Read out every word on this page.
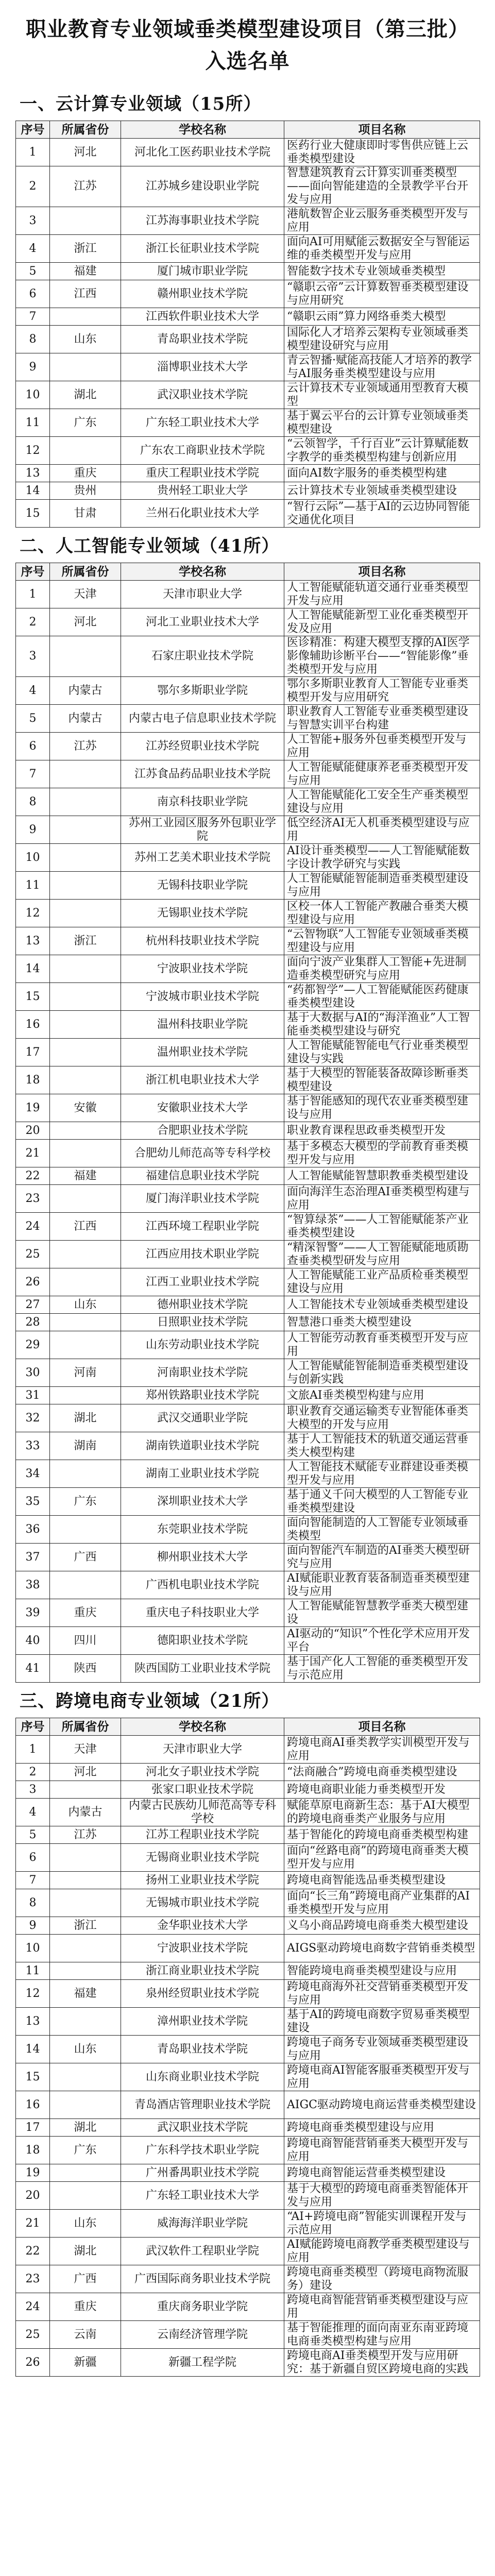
职业教育专业领域垂类模型建设项目（第三批）
入选名单
一、云计算专业领域（15所）
序号	所属省份	学校名称	项目名称
1	河北	河北化工医药职业技术学院	医药行业大健康即时零售供应链上云垂类模型建设
2	江苏	江苏城乡建设职业学院	智慧建筑教育云计算实训垂类模型——面向智能建造的全景教学平台开发与应用
3		江苏海事职业技术学院	港航数智企业云服务垂类模型开发与应用
4	浙江	浙江长征职业技术学院	面向AI可用赋能云数据安全与智能运维的垂类模型开发与应用
5	福建	厦门城市职业学院	智能数字技术专业领域垂类模型
6	江西	赣州职业技术学院	“赣职云帝”云计算数智垂类模型建设与应用研究
7		江西软件职业技术大学	“赣职云雨”算力网络垂类大模型
8	山东	青岛职业技术学院	国际化人才培养云架构专业领域垂类模型建设研究与应用
9		淄博职业技术大学	青云智播·赋能高技能人才培养的教学与AI服务垂类模型建设与应用
10	湖北	武汉职业技术学院	云计算技术专业领域通用型教育大模型
11	广东	广东轻工职业技术大学	基于翼云平台的云计算专业领域垂类模型建设
12		广东农工商职业技术学院	“云领智学，千行百业”云计算赋能数字教学的垂类模型构建与创新应用
13	重庆	重庆工程职业技术学院	面向AI数字服务的垂类模型构建
14	贵州	贵州轻工职业大学	云计算技术专业领域垂类模型建设
15	甘肃	兰州石化职业技术大学	“智行云际”—基于AI的云边协同智能交通优化项目
二、人工智能专业领域（41所）
序号	所属省份	学校名称	项目名称
1	天津	天津市职业大学	人工智能赋能轨道交通行业垂类模型开发与应用
2	河北	河北工业职业技术大学	人工智能赋能新型工业化垂类模型开发及应用
3		石家庄职业技术学院	医诊精准：构建大模型支撑的AI医学影像辅助诊断平台——“智能影像”垂类模型开发与应用
4	内蒙古	鄂尔多斯职业学院	鄂尔多斯职业教育人工智能专业垂类模型开发与应用研究
5	内蒙古	内蒙古电子信息职业技术学院	职业教育人工智能专业垂类模型建设与智慧实训平台构建
6	江苏	江苏经贸职业技术学院	人工智能+服务外包垂类模型开发与应用
7		江苏食品药品职业技术学院	人工智能赋能健康养老垂类模型开发与应用
8		南京科技职业学院	人工智能赋能化工安全生产垂类模型建设与应用
9		苏州工业园区服务外包职业学院	低空经济AI无人机垂类模型建设与应用
10		苏州工艺美术职业技术学院	AI设计垂类模型——人工智能赋能数字设计教学研究与实践
11		无锡科技职业学院	人工智能赋能智能制造垂类模型建设与应用
12		无锡职业技术学院	区校一体人工智能产教融合垂类大模型建设与应用
13	浙江	杭州科技职业技术学院	“云智物联”人工智能专业领域垂类模型建设与应用
14		宁波职业技术学院	面向宁波产业集群人工智能+先进制造垂类模型研究与应用
15		宁波城市职业技术学院	“药都智学”—人工智能赋能医药健康垂类模型建设
16		温州科技职业学院	基于大数据与AI的“海洋渔业”人工智能垂类模型建设与研究
17		温州职业技术学院	人工智能赋能智能电气行业垂类模型建设与实践
18		浙江机电职业技术大学	基于大模型的智能装备故障诊断垂类模型建设
19	安徽	安徽职业技术大学	基于智能感知的现代农业垂类模型建设与应用
20		合肥职业技术学院	职业教育课程思政垂类模型开发
21		合肥幼儿师范高等专科学校	基于多模态大模型的学前教育垂类模型开发与应用
22	福建	福建信息职业技术学院	人工智能赋能智慧职教垂类模型建设
23		厦门海洋职业技术学院	面向海洋生态治理AI垂类模型构建与应用
24	江西	江西环境工程职业学院	“智算绿茶”——人工智能赋能茶产业垂类模型建设
25		江西应用技术职业学院	“精深智警”——人工智能赋能地质勘查垂类模型研发与应用
26		江西工业职业技术学院	人工智能赋能工业产品质检垂类模型建设与应用
27	山东	德州职业技术学院	人工智能技术专业领域垂类模型建设
28		日照职业技术学院	智慧港口垂类大模型建设
29		山东劳动职业技术学院	人工智能劳动教育垂类模型开发与应用
30	河南	河南职业技术学院	人工智能赋能智能制造垂类模型建设与创新实践
31		郑州铁路职业技术学院	文旅AI垂类模型构建与应用
32	湖北	武汉交通职业学院	职业教育交通运输类专业智能体垂类大模型的开发与应用
33	湖南	湖南铁道职业技术学院	基于人工智能技术的轨道交通运营垂类大模型构建
34		湖南工业职业技术学院	人工智能技术赋能专业群建设垂类模型开发与应用
35	广东	深圳职业技术大学	基于通义千问大模型的人工智能专业垂类模型建设
36		东莞职业技术学院	面向智能制造的人工智能专业领域垂类模型
37	广西	柳州职业技术大学	面向智能汽车制造的AI垂类大模型研究与应用
38		广西机电职业技术学院	AI赋能职业教育装备制造垂类模型建设与应用
39	重庆	重庆电子科技职业大学	人工智能赋能智慧教学垂类大模型建设
40	四川	德阳职业技术学院	AI驱动的“知识”个性化学术应用开发平台
41	陕西	陕西国防工业职业技术学院	基于国产化人工智能的垂类模型开发与示范应用
三、跨境电商专业领域（21所）
序号	所属省份	学校名称	项目名称
1	天津	天津市职业大学	跨境电商AI垂类教学实训模型开发与应用
2	河北	河北女子职业技术学院	“法商融合”跨境电商垂类模型建设
3		张家口职业技术学院	跨境电商职业能力垂类模型开发
4	内蒙古	内蒙古民族幼儿师范高等专科学校	赋能草原电商新生态：基于AI大模型的跨境电商垂类产业服务与应用
5	江苏	江苏工程职业技术学院	基于智能化的跨境电商垂类模型构建
6		无锡商业职业技术学院	面向“丝路电商”的跨境电商垂类大模型开发与应用
7		扬州工业职业技术学院	跨境电商智能选品垂类模型建设
8		无锡城市职业技术学院	面向“长三角”跨境电商产业集群的AI垂类模型开发与应用
9	浙江	金华职业技术大学	义乌小商品跨境电商垂类大模型建设
10		宁波职业技术学院	AIGS驱动跨境电商数字营销垂类模型
11		浙江商业职业技术学院	智能跨境电商垂类模型建设与应用
12	福建	泉州经贸职业技术学院	跨境电商海外社交营销垂类模型开发与应用
13		漳州职业技术学院	基于AI的跨境电商数字贸易垂类模型建设
14	山东	青岛职业技术学院	跨境电子商务专业领域垂类模型建设与应用
15		山东商业职业技术学院	跨境电商AI智能客服垂类模型开发与应用
16		青岛酒店管理职业技术学院	AIGC驱动跨境电商运营垂类模型建设
17	湖北	武汉职业技术学院	跨境电商垂类模型建设与应用
18	广东	广东科学技术职业学院	跨境电商智能营销垂类大模型开发与应用
19		广州番禺职业技术学院	跨境电商智能运营垂类模型建设
20		广东轻工职业技术大学	基于大模型的跨境电商垂类智能体开发与应用
21	山东	威海海洋职业学院	“AI+跨境电商”智能实训课程开发与示范应用
22	湖北	武汉软件工程职业学院	AI赋能跨境电商教学垂类模型建设与应用
23	广西	广西国际商务职业技术学院	跨境电商垂类模型（跨境电商物流服务）建设
24	重庆	重庆商务职业学院	跨境电商智能营销垂类模型建设与应用
25	云南	云南经济管理学院	基于智能推理的面向南亚东南亚跨境电商垂类模型构建与应用
26	新疆	新疆工程学院	跨境电商AI垂类模型开发与应用研究：基于新疆自贸区跨境电商的实践
